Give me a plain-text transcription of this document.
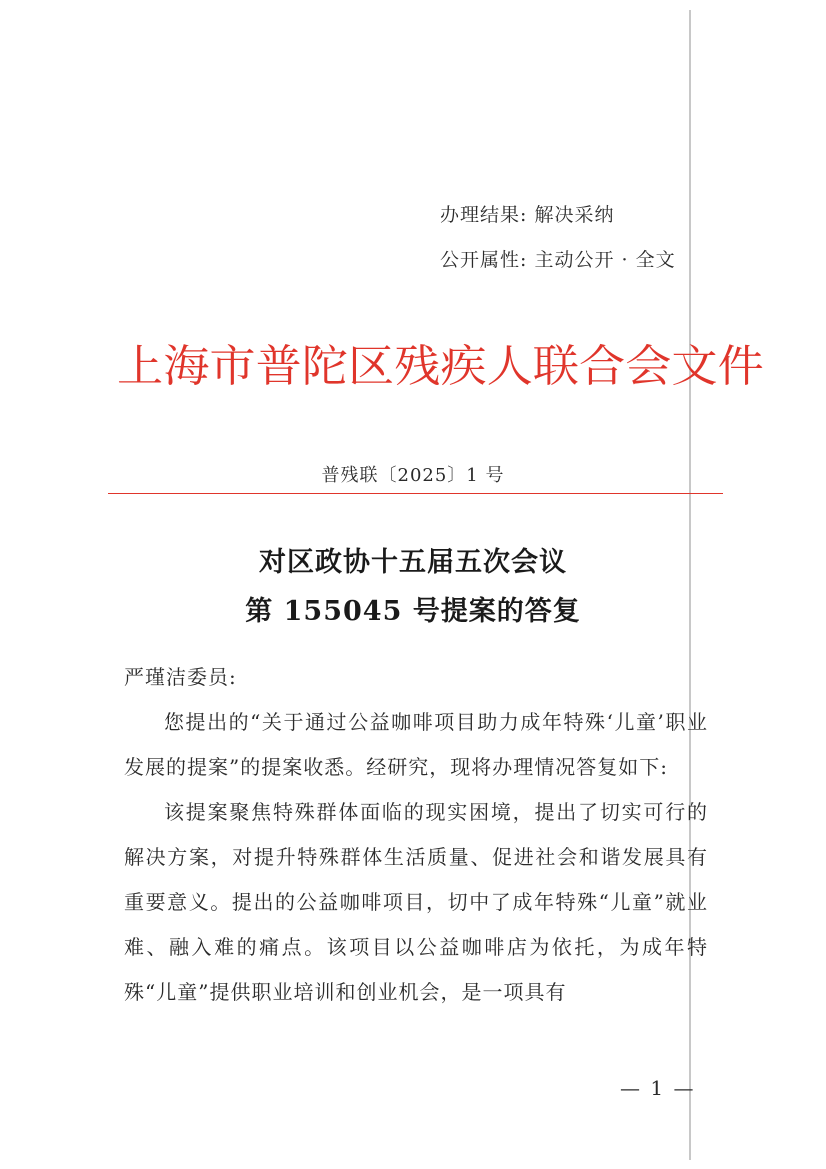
办理结果: 解决采纳
公开属性: 主动公开 · 全文
上海市普陀区残疾人联合会文件
普残联〔2025〕1 号
对区政协十五届五次会议
第 155045 号提案的答复

严瑾洁委员:

您提出的“关于通过公益咖啡项目助力成年特殊‘儿童’职业发展的提案”的提案收悉。经研究，现将办理情况答复如下:

该提案聚焦特殊群体面临的现实困境，提出了切实可行的解决方案，对提升特殊群体生活质量、促进社会和谐发展具有重要意义。提出的公益咖啡项目，切中了成年特殊“儿童”就业难、融入难的痛点。该项目以公益咖啡店为依托，为成年特殊“儿童”提供职业培训和创业机会，是一项具有

— 1 —
